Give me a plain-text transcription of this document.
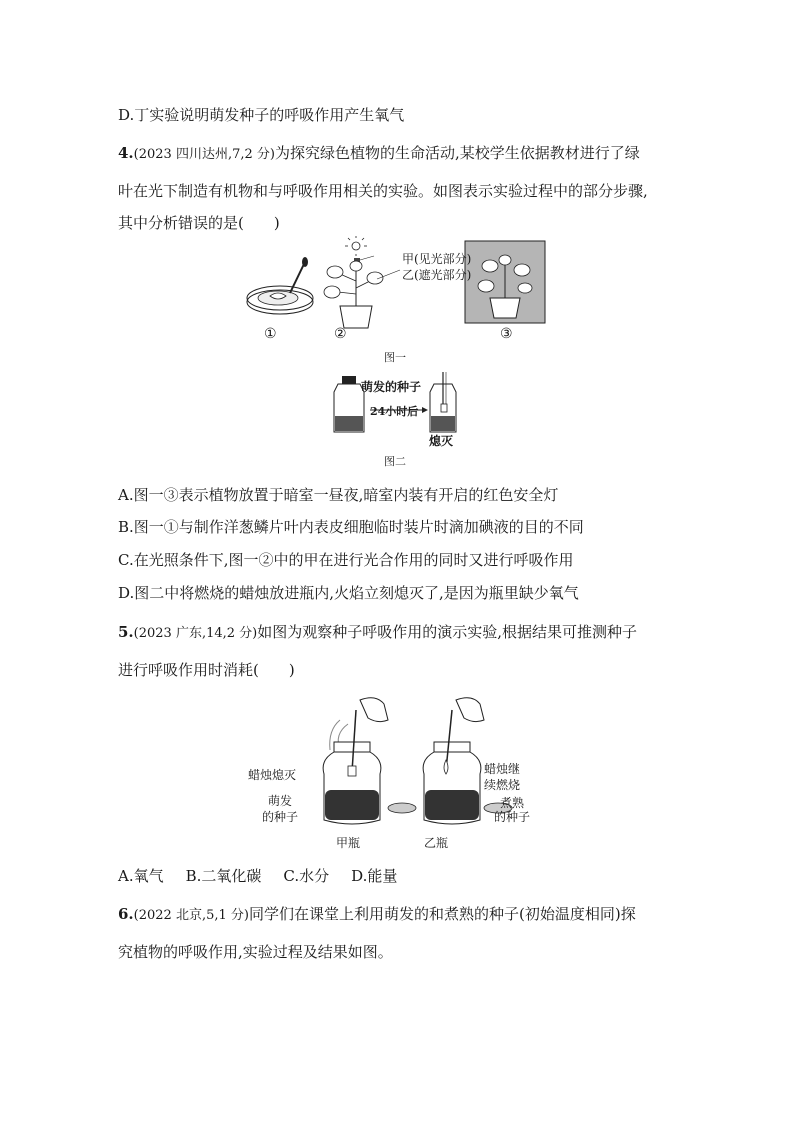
D.丁实验说明萌发种子的呼吸作用产生氧气
4.(2023 四川达州,7,2 分)为探究绿色植物的生命活动,某校学生依据教材进行了绿
叶在光下制造有机物和与呼吸作用相关的实验。如图表示实验过程中的部分步骤,
其中分析错误的是(　　)
甲(见光部分)
乙(遮光部分)
①	②	③
图一
萌发的种子
24小时后
熄灭
图二
A.图一③表示植物放置于暗室一昼夜,暗室内装有开启的红色安全灯
B.图一①与制作洋葱鳞片叶内表皮细胞临时装片时滴加碘液的目的不同
C.在光照条件下,图一②中的甲在进行光合作用的同时又进行呼吸作用
D.图二中将燃烧的蜡烛放进瓶内,火焰立刻熄灭了,是因为瓶里缺少氧气
5.(2023 广东,14,2 分)如图为观察种子呼吸作用的演示实验,根据结果可推测种子
进行呼吸作用时消耗(　　)
蜡烛熄灭
萌发
的种子
蜡烛继
续燃烧
煮熟
的种子
甲瓶	乙瓶
A.氧气 B.二氧化碳 C.水分 D.能量
6.(2022 北京,5,1 分)同学们在课堂上利用萌发的和煮熟的种子(初始温度相同)探
究植物的呼吸作用,实验过程及结果如图。
